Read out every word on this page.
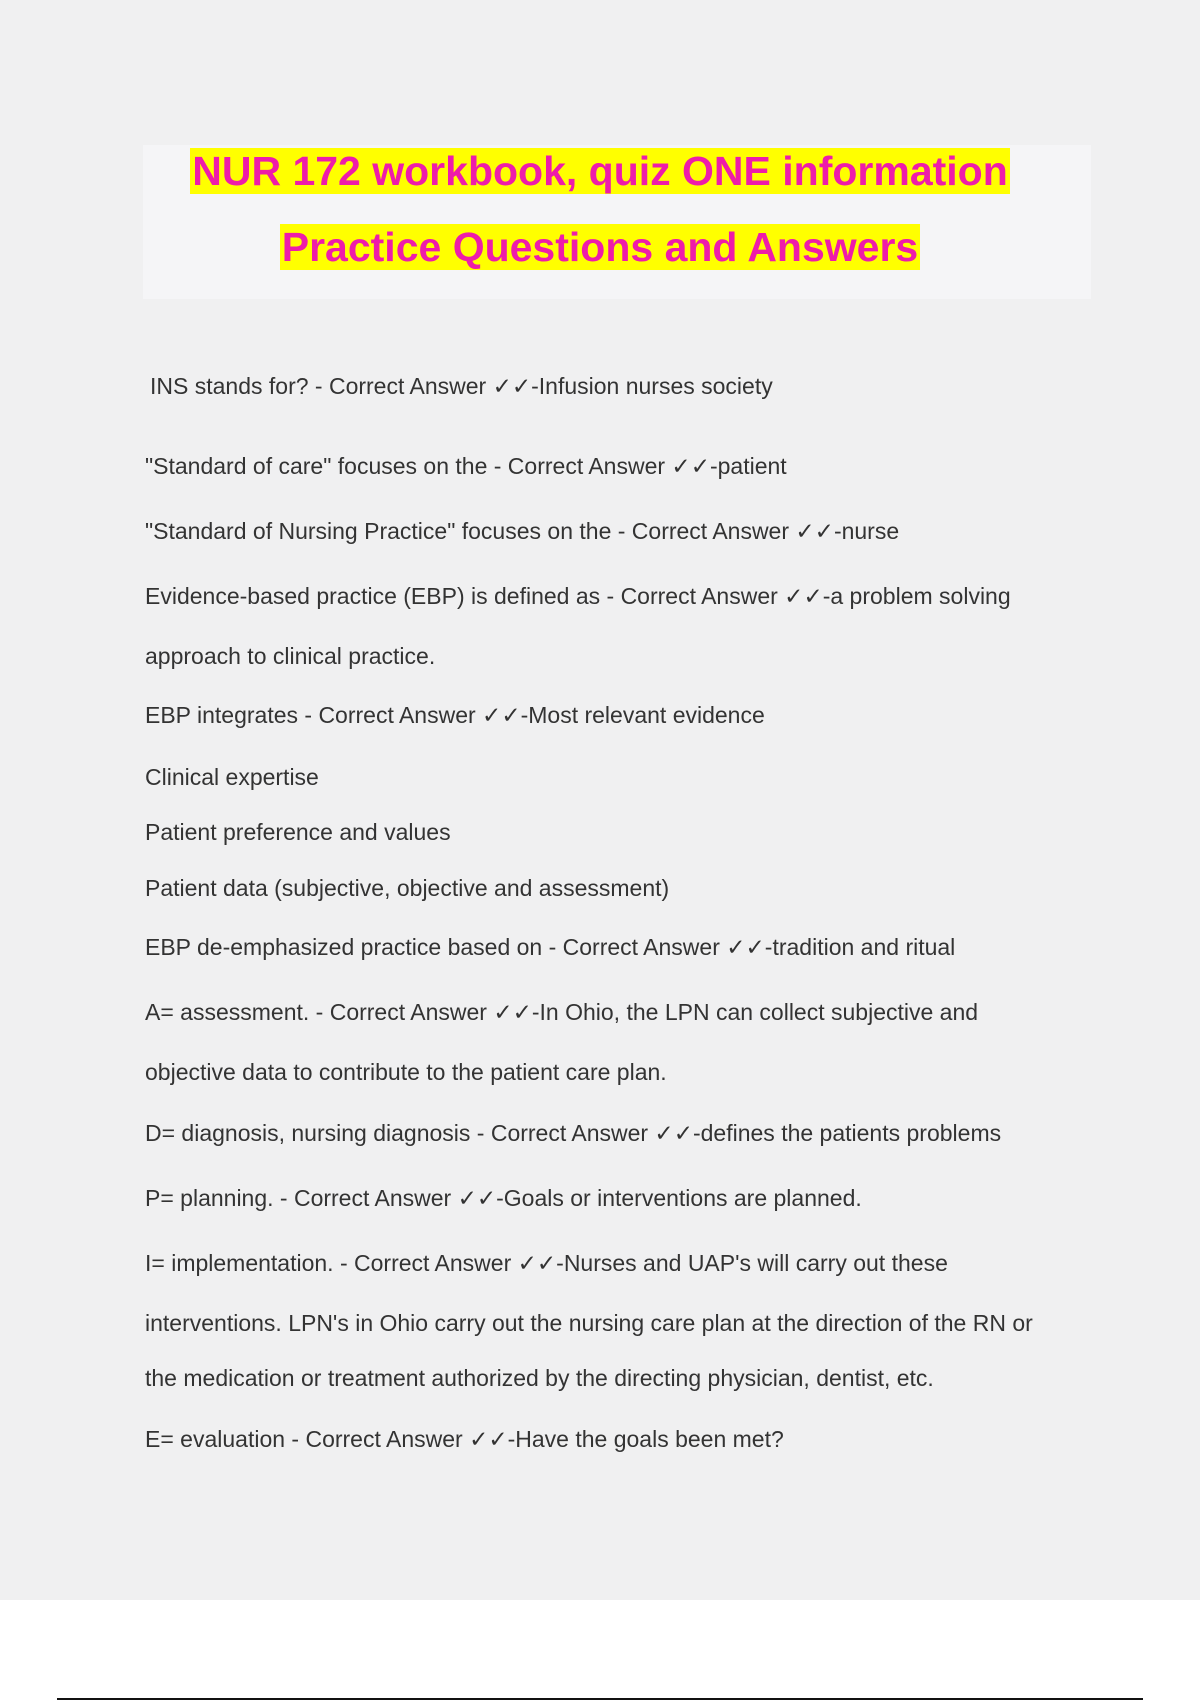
NUR 172 workbook, quiz ONE information
Practice Questions and Answers
INS stands for? - Correct Answer ✓✓-Infusion nurses society
"Standard of care" focuses on the - Correct Answer ✓✓-patient
"Standard of Nursing Practice" focuses on the - Correct Answer ✓✓-nurse
Evidence-based practice (EBP) is defined as - Correct Answer ✓✓-a problem solving
approach to clinical practice.
EBP integrates - Correct Answer ✓✓-Most relevant evidence
Clinical expertise
Patient preference and values
Patient data (subjective, objective and assessment)
EBP de-emphasized practice based on - Correct Answer ✓✓-tradition and ritual
A= assessment. - Correct Answer ✓✓-In Ohio, the LPN can collect subjective and
objective data to contribute to the patient care plan.
D= diagnosis, nursing diagnosis - Correct Answer ✓✓-defines the patients problems
P= planning. - Correct Answer ✓✓-Goals or interventions are planned.
I= implementation. - Correct Answer ✓✓-Nurses and UAP's will carry out these
interventions. LPN's in Ohio carry out the nursing care plan at the direction of the RN or
the medication or treatment authorized by the directing physician, dentist, etc.
E= evaluation - Correct Answer ✓✓-Have the goals been met?
